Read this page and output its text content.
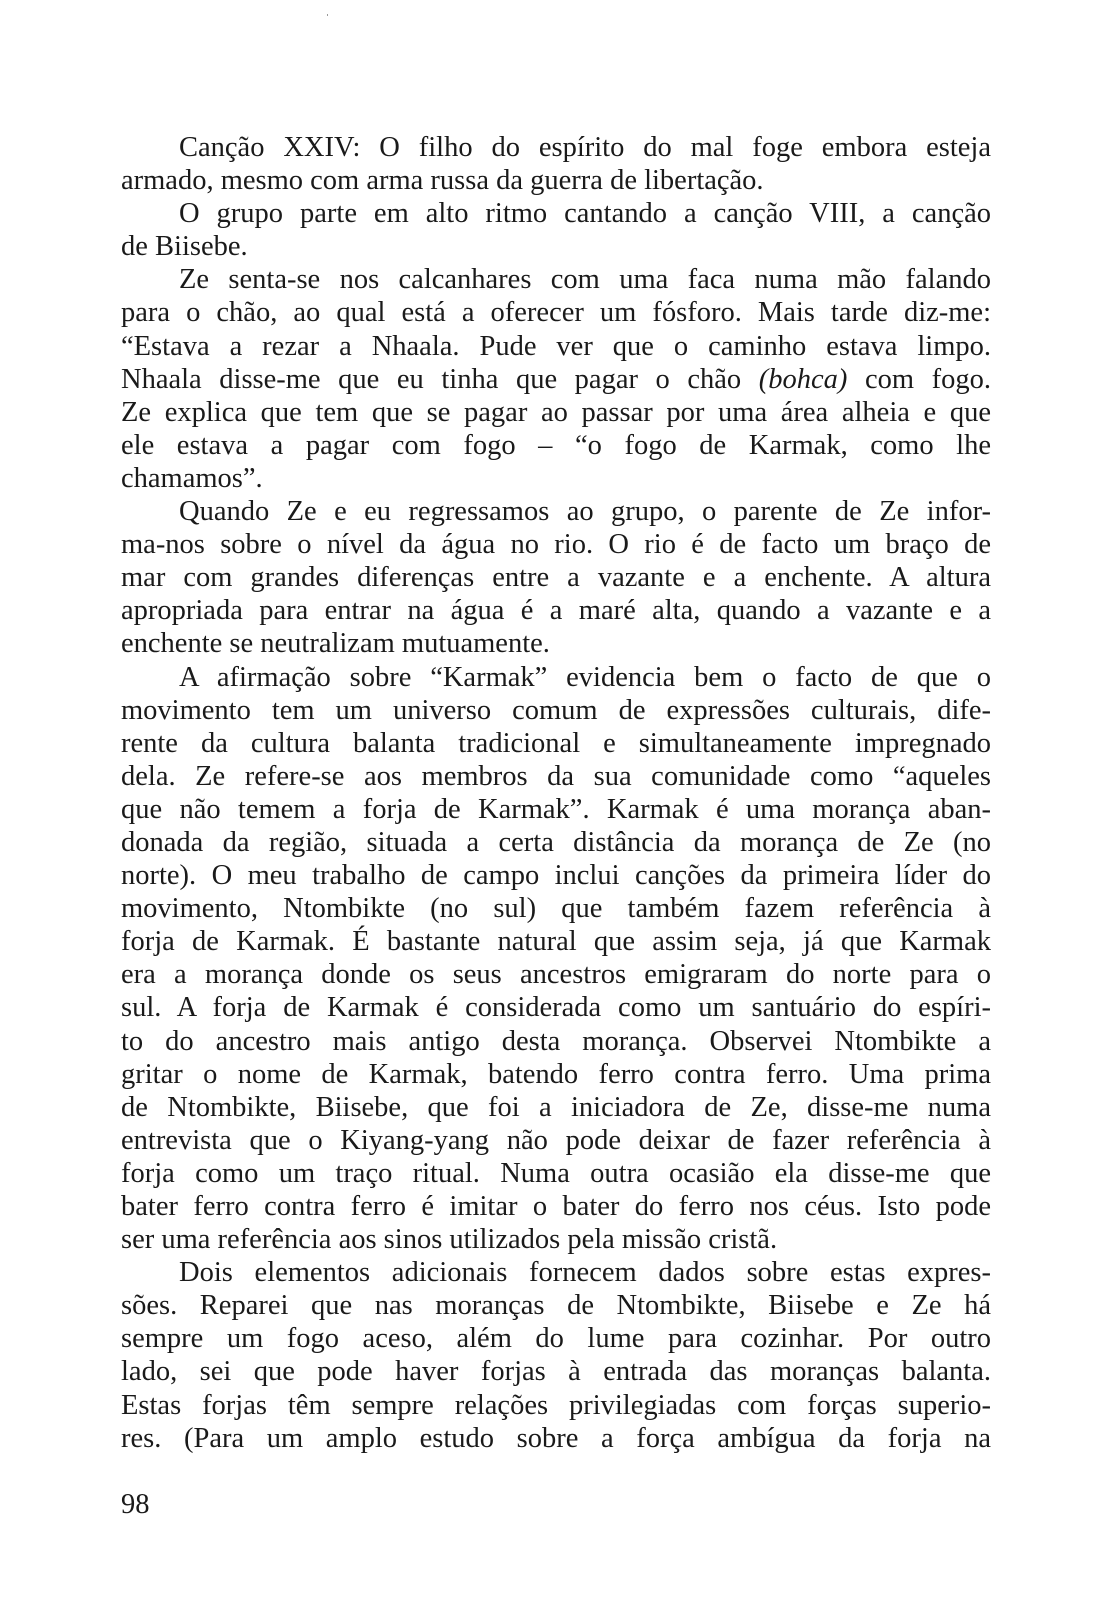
Canção XXIV: O filho do espírito do mal foge embora esteja
armado, mesmo com arma russa da guerra de libertação.
O grupo parte em alto ritmo cantando a canção VIII, a canção
de Biisebe.
Ze senta-se nos calcanhares com uma faca numa mão falando
para o chão, ao qual está a oferecer um fósforo. Mais tarde diz-me:
“Estava a rezar a Nhaala. Pude ver que o caminho estava limpo.
Nhaala disse-me que eu tinha que pagar o chão (bohca) com fogo.
Ze explica que tem que se pagar ao passar por uma área alheia e que
ele estava a pagar com fogo – “o fogo de Karmak, como lhe
chamamos”.
Quando Ze e eu regressamos ao grupo, o parente de Ze infor-
ma-nos sobre o nível da água no rio. O rio é de facto um braço de
mar com grandes diferenças entre a vazante e a enchente. A altura
apropriada para entrar na água é a maré alta, quando a vazante e a
enchente se neutralizam mutuamente.
A afirmação sobre “Karmak” evidencia bem o facto de que o
movimento tem um universo comum de expressões culturais, dife-
rente da cultura balanta tradicional e simultaneamente impregnado
dela. Ze refere-se aos membros da sua comunidade como “aqueles
que não temem a forja de Karmak”. Karmak é uma morança aban-
donada da região, situada a certa distância da morança de Ze (no
norte). O meu trabalho de campo inclui canções da primeira líder do
movimento, Ntombikte (no sul) que também fazem referência à
forja de Karmak. É bastante natural que assim seja, já que Karmak
era a morança donde os seus ancestros emigraram do norte para o
sul. A forja de Karmak é considerada como um santuário do espíri-
to do ancestro mais antigo desta morança. Observei Ntombikte a
gritar o nome de Karmak, batendo ferro contra ferro. Uma prima
de Ntombikte, Biisebe, que foi a iniciadora de Ze, disse-me numa
entrevista que o Kiyang-yang não pode deixar de fazer referência à
forja como um traço ritual. Numa outra ocasião ela disse-me que
bater ferro contra ferro é imitar o bater do ferro nos céus. Isto pode
ser uma referência aos sinos utilizados pela missão cristã.
Dois elementos adicionais fornecem dados sobre estas expres-
sões. Reparei que nas moranças de Ntombikte, Biisebe e Ze há
sempre um fogo aceso, além do lume para cozinhar. Por outro
lado, sei que pode haver forjas à entrada das moranças balanta.
Estas forjas têm sempre relações privilegiadas com forças superio-
res. (Para um amplo estudo sobre a força ambígua da forja na
98
